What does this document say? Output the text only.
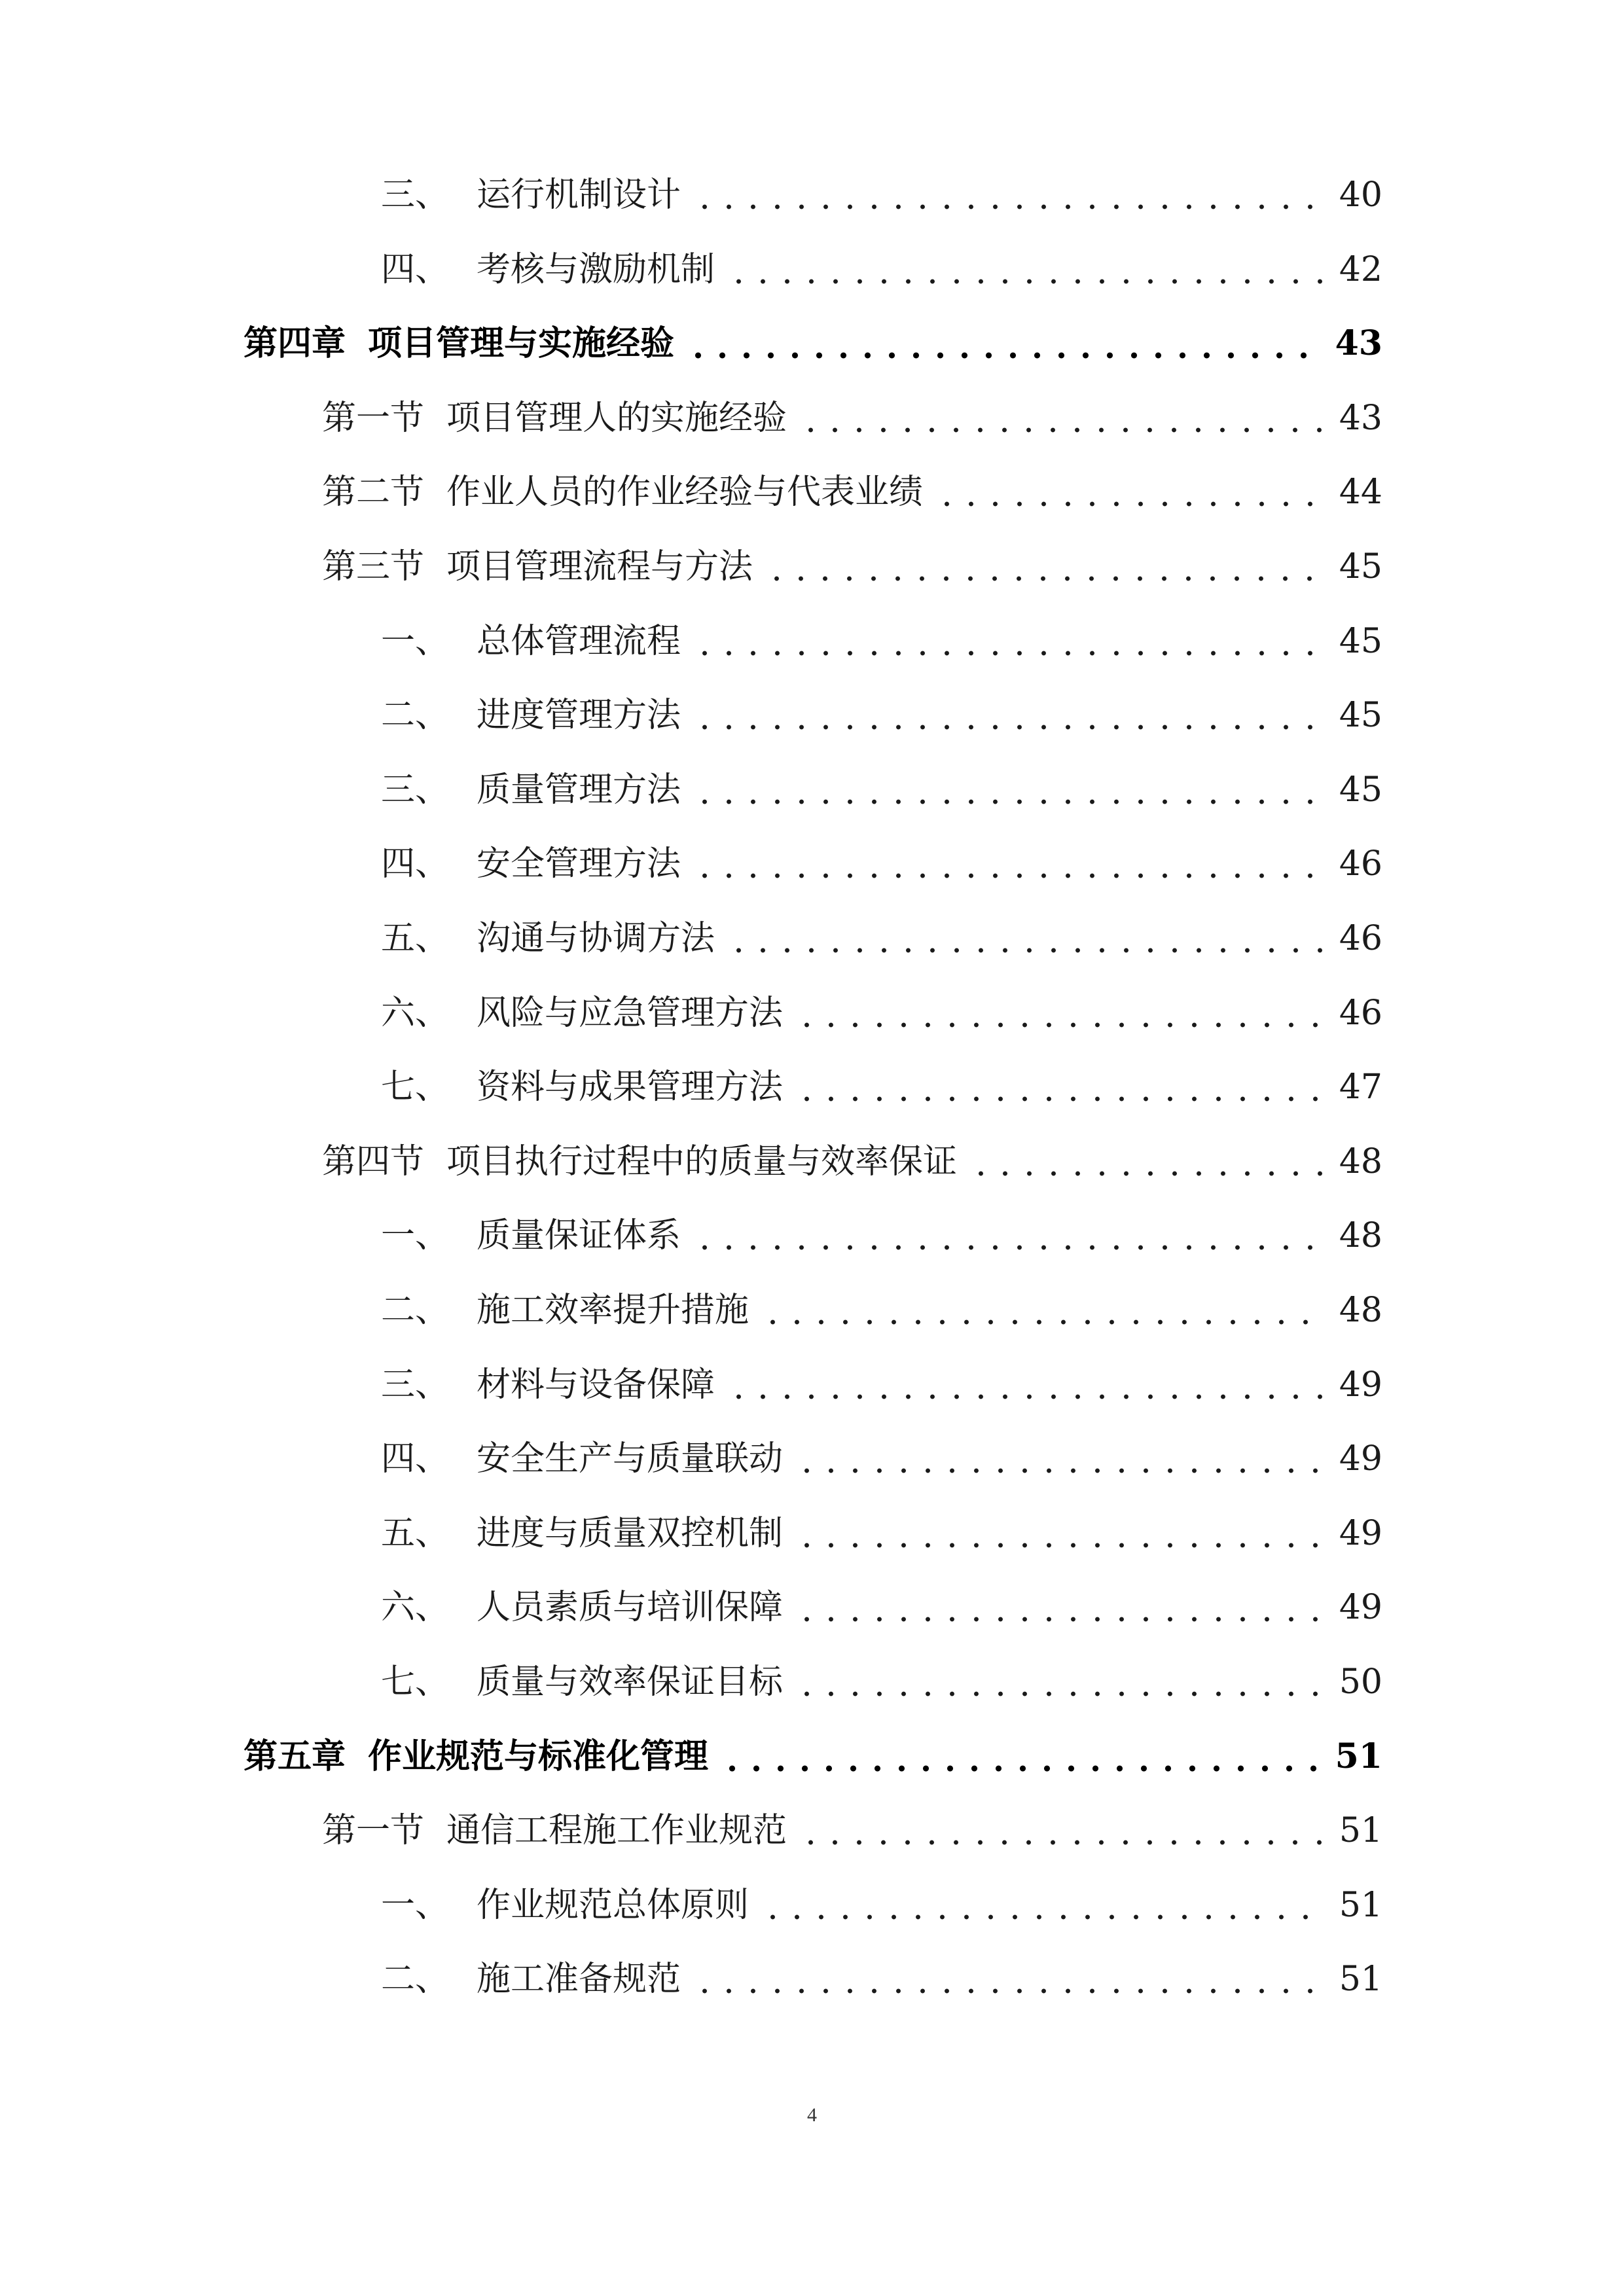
三、 运行机制设计	40
四、 考核与激励机制	42
第四章 项目管理与实施经验	43
第一节 项目管理人的实施经验	43
第二节 作业人员的作业经验与代表业绩	44
第三节 项目管理流程与方法	45
一、 总体管理流程	45
二、 进度管理方法	45
三、 质量管理方法	45
四、 安全管理方法	46
五、 沟通与协调方法	46
六、 风险与应急管理方法	46
七、 资料与成果管理方法	47
第四节 项目执行过程中的质量与效率保证	48
一、 质量保证体系	48
二、 施工效率提升措施	48
三、 材料与设备保障	49
四、 安全生产与质量联动	49
五、 进度与质量双控机制	49
六、 人员素质与培训保障	49
七、 质量与效率保证目标	50
第五章 作业规范与标准化管理	51
第一节 通信工程施工作业规范	51
一、 作业规范总体原则	51
二、 施工准备规范	51
4
